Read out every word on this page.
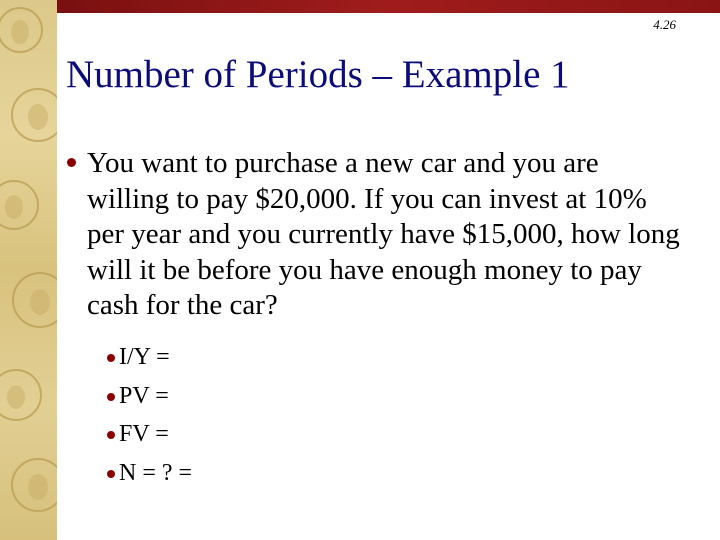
4.26
Number of Periods – Example 1
You want to purchase a new car and you are willing to pay $20,000. If you can invest at 10% per year and you currently have $15,000, how long will it be before you have enough money to pay cash for the car?
I/Y =
PV =
FV =
N = ? =
